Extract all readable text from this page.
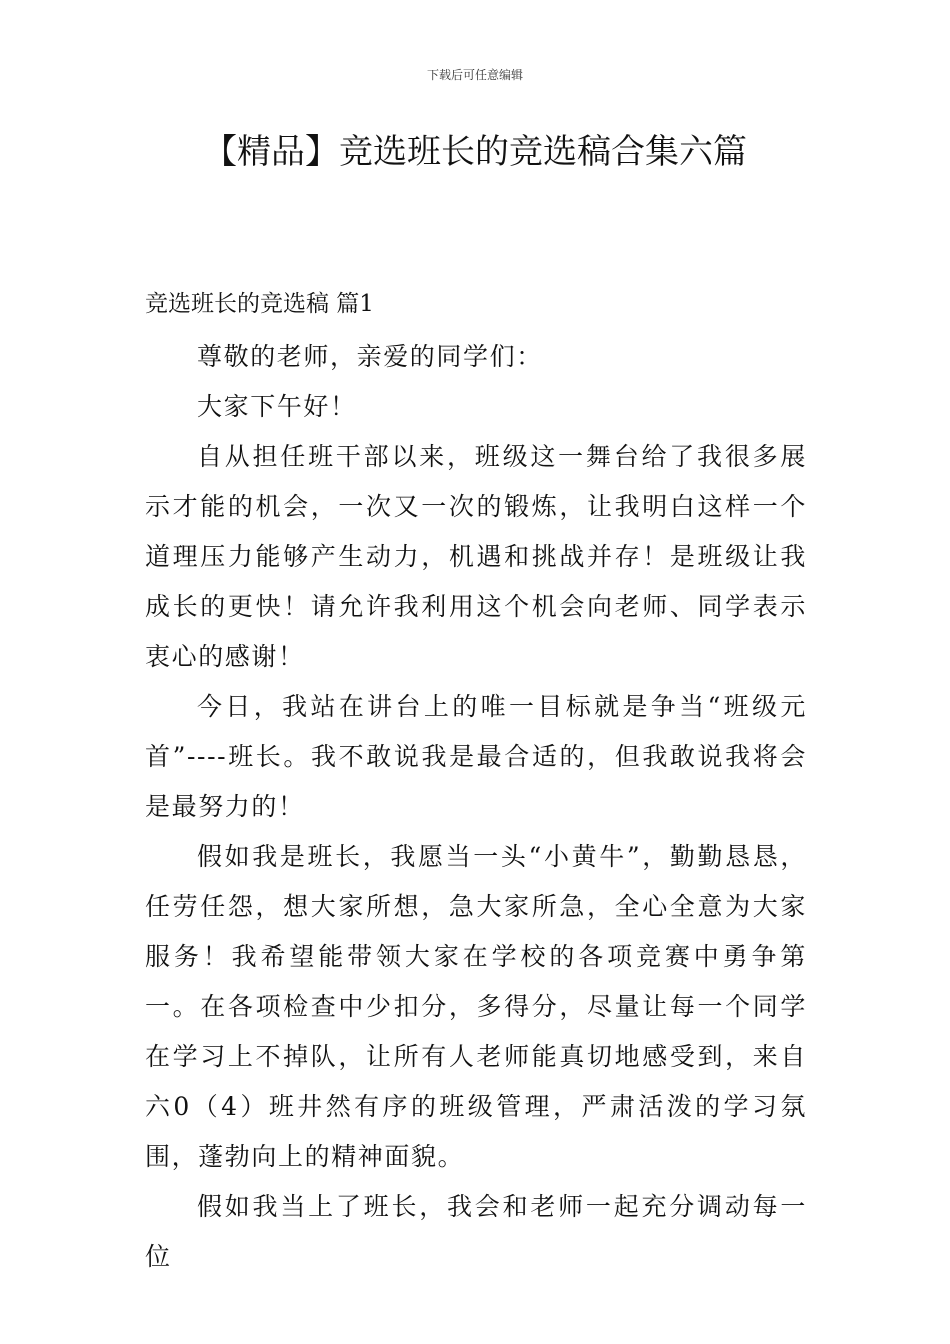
下载后可任意编辑
【精品】竞选班长的竞选稿合集六篇
竞选班长的竞选稿 篇1

尊敬的老师，亲爱的同学们：

大家下午好！

自从担任班干部以来，班级这一舞台给了我很多展示才能的机会，一次又一次的锻炼，让我明白这样一个道理压力能够产生动力，机遇和挑战并存！是班级让我成长的更快！请允许我利用这个机会向老师、同学表示衷心的感谢！

今日，我站在讲台上的唯一目标就是争当“班级元首”----班长。我不敢说我是最合适的，但我敢说我将会是最努力的！

假如我是班长，我愿当一头“小黄牛”，勤勤恳恳，任劳任怨，想大家所想，急大家所急，全心全意为大家服务！我希望能带领大家在学校的各项竞赛中勇争第一。在各项检查中少扣分，多得分，尽量让每一个同学在学习上不掉队，让所有人老师能真切地感受到，来自六0（4）班井然有序的班级管理，严肃活泼的学习氛围，蓬勃向上的精神面貌。

假如我当上了班长，我会和老师一起充分调动每一位
